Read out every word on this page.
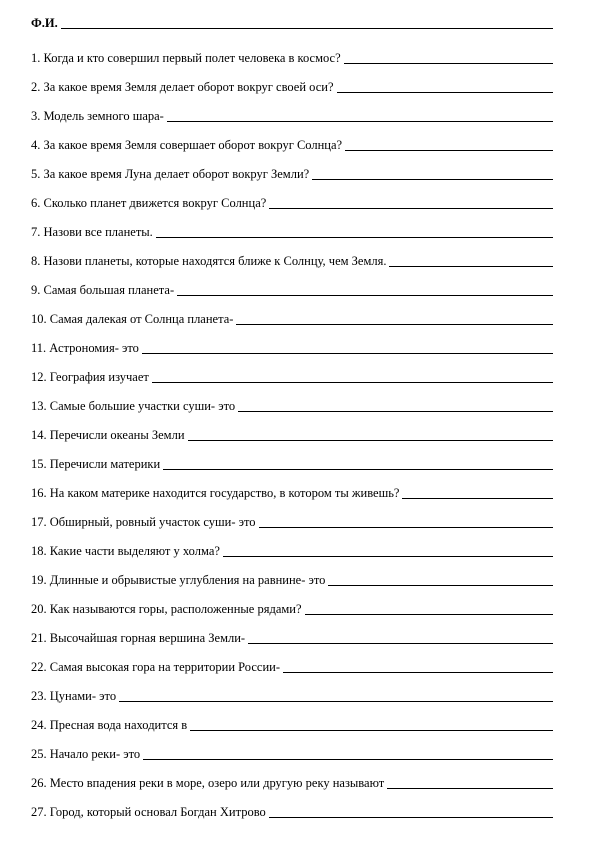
Ф.И.
1. Когда и кто совершил первый полет человека в космос?
2. За какое время Земля делает оборот вокруг своей оси?
3. Модель земного шара-
4. За какое время Земля совершает оборот вокруг Солнца?
5. За какое время Луна делает оборот вокруг Земли?
6. Сколько планет движется вокруг Солнца?
7. Назови все планеты.
8. Назови планеты, которые находятся ближе к Солнцу, чем Земля.
9. Самая большая планета-
10. Самая далекая от Солнца планета-
11. Астрономия- это
12. География изучает
13. Самые большие участки суши- это
14. Перечисли океаны Земли
15. Перечисли материки
16. На каком материке находится государство, в котором ты живешь?
17. Обширный, ровный участок суши- это
18. Какие части выделяют у холма?
19. Длинные и обрывистые углубления на равнине- это
20. Как называются горы, расположенные рядами?
21. Высочайшая горная вершина Земли-
22. Самая высокая гора на территории России-
23. Цунами- это
24. Пресная вода находится в
25. Начало реки- это
26. Место впадения реки в море, озеро или другую реку называют
27. Город, который основал Богдан Хитрово
